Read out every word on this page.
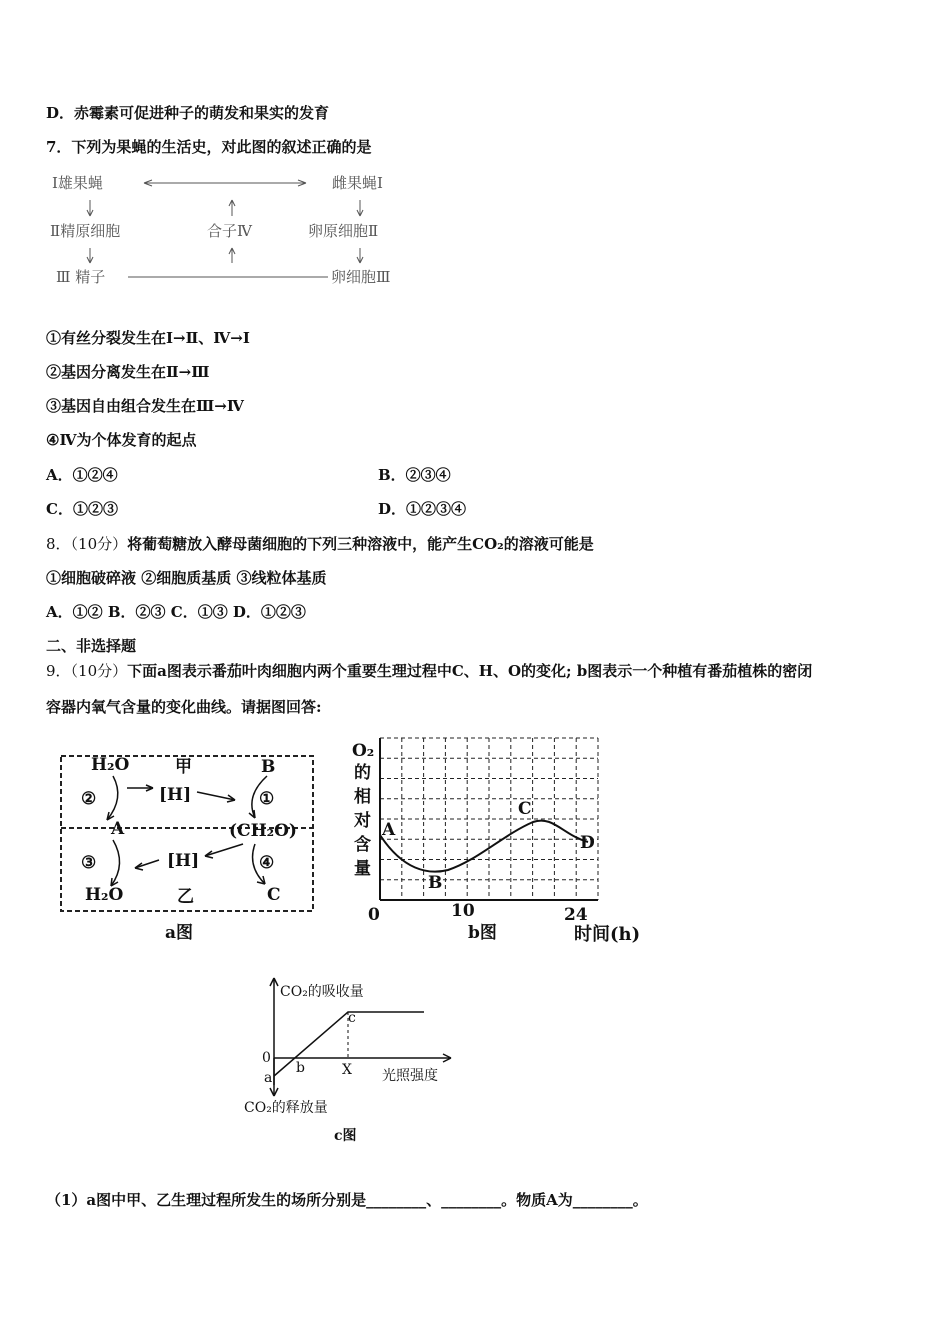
D．赤霉素可促进种子的萌发和果实的发育
7．下列为果蝇的生活史，对此图的叙述正确的是
Ⅰ雄果蝇	雌果蝇Ⅰ
Ⅱ精原细胞	合子Ⅳ	卵原细胞Ⅱ
Ⅲ 精子	卵细胞Ⅲ
①有丝分裂发生在Ⅰ→Ⅱ、Ⅳ→Ⅰ
②基因分离发生在Ⅱ→Ⅲ
③基因自由组合发生在Ⅲ→Ⅳ
④Ⅳ为个体发育的起点
A．①②④	B．②③④
C．①②③	D．①②③④
8．（10分）将葡萄糖放入酵母菌细胞的下列三种溶液中，能产生CO₂的溶液可能是
①细胞破碎液 ②细胞质基质 ③线粒体基质
A．①② B．②③ C．①③ D．①②③
二、非选择题
9．（10分）下面a图表示番茄叶肉细胞内两个重要生理过程中C、H、O的变化; b图表示一个种植有番茄植株的密闭
容器内氧气含量的变化曲线。请据图回答:
H₂O	甲	B
②	[H]	①
A	(CH₂O)
③	[H]	④
H₂O	乙	C
a图
O₂
的
相
对
含
量
A
B
C
D
0	10	24
b图	时间(h)
CO₂的吸收量
0
a
b
c
X 光照强度
CO₂的释放量
c图
（1）a图中甲、乙生理过程所发生的场所分别是________、________。物质A为________。
